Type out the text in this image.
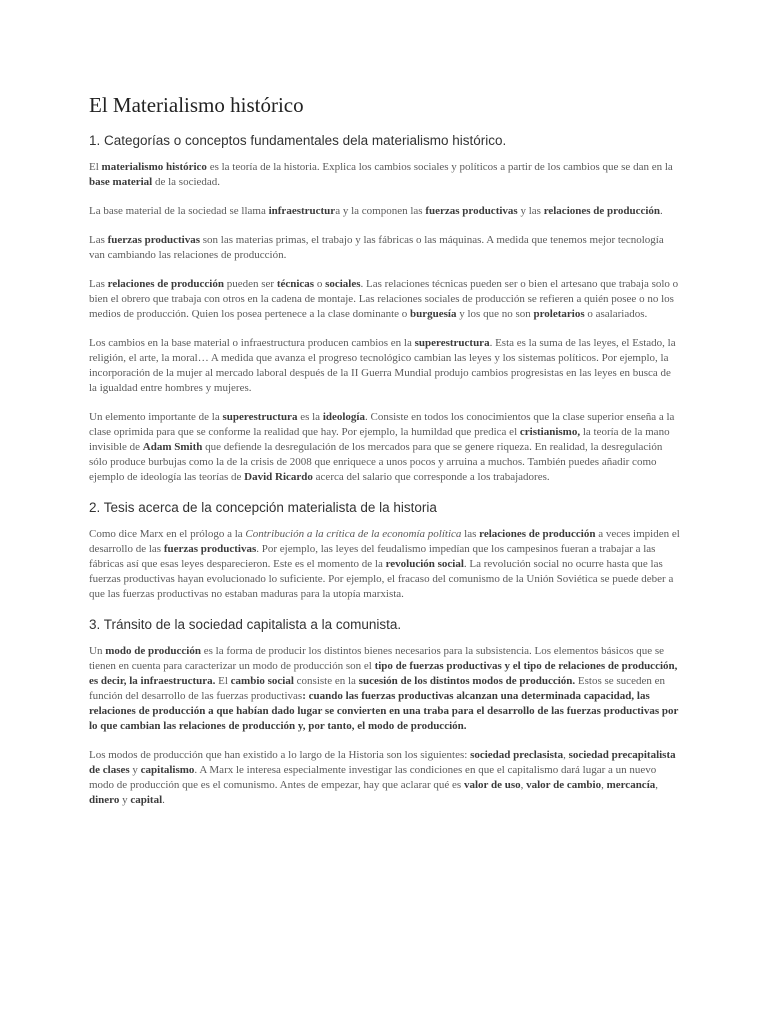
El Materialismo histórico
1. Categorías o conceptos fundamentales dela materialismo histórico.

El materialismo histórico es la teoría de la historia. Explica los cambios sociales y políticos a partir de los cambios que se dan en la base material de la sociedad.

La base material de la sociedad se llama infraestructura y la componen las fuerzas productivas y las relaciones de producción.

Las fuerzas productivas son las materias primas, el trabajo y las fábricas o las máquinas. A medida que tenemos mejor tecnología van cambiando las relaciones de producción.

Las relaciones de producción pueden ser técnicas o sociales. Las relaciones técnicas pueden ser o bien el artesano que trabaja solo o bien el obrero que trabaja con otros en la cadena de montaje. Las relaciones sociales de producción se refieren a quién posee o no los medios de producción. Quien los posea pertenece a la clase dominante o burguesía y los que no son proletarios o asalariados.

Los cambios en la base material o infraestructura producen cambios en la superestructura. Esta es la suma de las leyes, el Estado, la religión, el arte, la moral… A medida que avanza el progreso tecnológico cambian las leyes y los sistemas políticos. Por ejemplo, la incorporación de la mujer al mercado laboral después de la II Guerra Mundial produjo cambios progresistas en las leyes en busca de la igualdad entre hombres y mujeres.

Un elemento importante de la superestructura es la ideología. Consiste en todos los conocimientos que la clase superior enseña a la clase oprimida para que se conforme la realidad que hay. Por ejemplo, la humildad que predica el cristianismo, la teoría de la mano invisible de Adam Smith que defiende la desregulación de los mercados para que se genere riqueza. En realidad, la desregulación sólo produce burbujas como la de la crisis de 2008 que enriquece a unos pocos y arruina a muchos. También puedes añadir como ejemplo de ideología las teorías de David Ricardo acerca del salario que corresponde a los trabajadores.

2. Tesis acerca de la concepción materialista de la historia

Como dice Marx en el prólogo a la Contribución a la crítica de la economía política las relaciones de producción a veces impiden el desarrollo de las fuerzas productivas. Por ejemplo, las leyes del feudalismo impedían que los campesinos fueran a trabajar a las fábricas así que esas leyes desparecieron. Este es el momento de la revolución social. La revolución social no ocurre hasta que las fuerzas productivas hayan evolucionado lo suficiente. Por ejemplo, el fracaso del comunismo de la Unión Soviética se puede deber a que las fuerzas productivas no estaban maduras para la utopía marxista.

3. Tránsito de la sociedad capitalista a la comunista.

Un modo de producción es la forma de producir los distintos bienes necesarios para la subsistencia. Los elementos básicos que se tienen en cuenta para caracterizar un modo de producción son el tipo de fuerzas productivas y el tipo de relaciones de producción, es decir, la infraestructura. El cambio social consiste en la sucesión de los distintos modos de producción. Estos se suceden en función del desarrollo de las fuerzas productivas: cuando las fuerzas productivas alcanzan una determinada capacidad, las relaciones de producción a que habían dado lugar se convierten en una traba para el desarrollo de las fuerzas productivas por lo que cambian las relaciones de producción y, por tanto, el modo de producción.

Los modos de producción que han existido a lo largo de la Historia son los siguientes: sociedad preclasista, sociedad precapitalista de clases y capitalismo. A Marx le interesa especialmente investigar las condiciones en que el capitalismo dará lugar a un nuevo modo de producción que es el comunismo. Antes de empezar, hay que aclarar qué es valor de uso, valor de cambio, mercancía, dinero y capital.
